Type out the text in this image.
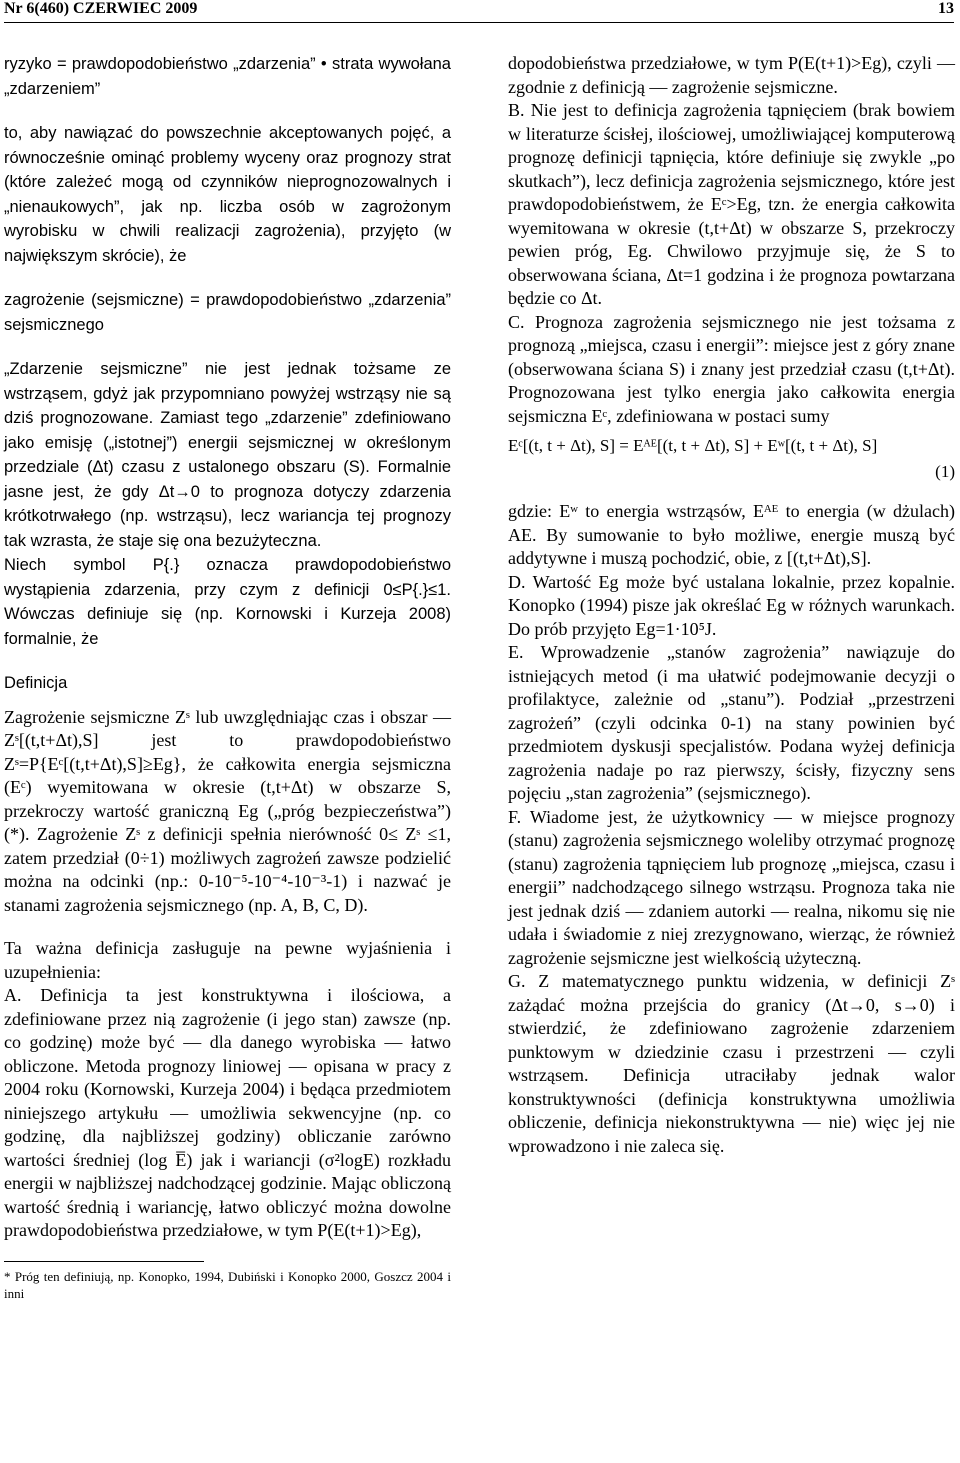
Nr 6(460) CZERWIEC 2009	13

ryzyko = prawdopodobieństwo „zdarzenia” • strata wywołana „zdarzeniem”

to, aby nawiązać do powszechnie akceptowanych pojęć, a równocześnie ominąć problemy wyceny oraz prognozy strat (które zależeć mogą od czynników nieprognozowalnych i „nienaukowych”, jak np. liczba osób w zagrożonym wyrobisku w chwili realizacji zagrożenia), przyjęto (w największym skrócie), że

zagrożenie (sejsmiczne) = prawdopodobieństwo „zdarzenia” sejsmicznego

„Zdarzenie sejsmiczne” nie jest jednak tożsame ze wstrząsem, gdyż jak przypomniano powyżej wstrząsy nie są dziś prognozowane. Zamiast tego „zdarzenie” zdefiniowano jako emisję („istotnej”) energii sejsmicznej w określonym przedziale (Δt) czasu z ustalonego obszaru (S). Formalnie jasne jest, że gdy Δt→0 to prognoza dotyczy zdarzenia krótkotrwałego (np. wstrząsu), lecz wariancja tej prognozy tak wzrasta, że staje się ona bezużyteczna.

Niech symbol P{.} oznacza prawdopodobieństwo wystąpienia zdarzenia, przy czym z definicji 0≤P{.}≤1. Wówczas definiuje się (np. Kornowski i Kurzeja 2008) formalnie, że

Definicja

Zagrożenie sejsmiczne Zˢ lub uwzględniając czas i obszar — Zˢ[(t,t+Δt),S] jest to prawdopodobieństwo Zˢ=P{Eᶜ[(t,t+Δt),S]≥Eg}, że całkowita energia sejsmiczna (Eᶜ) wyemitowana w okresie (t,t+Δt) w obszarze S, przekroczy wartość graniczną Eg („próg bezpieczeństwa”) (*). Zagrożenie Zˢ z definicji spełnia nierówność 0≤ Zˢ ≤1, zatem przedział (0÷1) możliwych zagrożeń zawsze podzielić można na odcinki (np.: 0-10⁻⁵-10⁻⁴-10⁻³-1) i nazwać je stanami zagrożenia sejsmicznego (np. A, B, C, D).

Ta ważna definicja zasługuje na pewne wyjaśnienia i uzupełnienia:

A. Definicja ta jest konstruktywna i ilościowa, a zdefiniowane przez nią zagrożenie (i jego stan) zawsze (np. co godzinę) może być — dla danego wyrobiska — łatwo obliczone. Metoda prognozy liniowej — opisana w pracy z 2004 roku (Kornowski, Kurzeja 2004) i będąca przedmiotem niniejszego artykułu — umożliwia sekwencyjne (np. co godzinę, dla najbliższej godziny) obliczanie zarówno wartości średniej (log E̅) jak i wariancji (σ²logE) rozkładu energii w najbliższej nadchodzącej godzinie. Mając obliczoną wartość średnią i wariancję, łatwo obliczyć można dowolne prawdopodobieństwa przedziałowe, w tym P(E(t+1)>Eg),

* Próg ten definiują, np. Konopko, 1994, Dubiński i Konopko 2000, Goszcz 2004 i inni

dopodobieństwa przedziałowe, w tym P(E(t+1)>Eg), czyli — zgodnie z definicją — zagrożenie sejsmiczne.

B. Nie jest to definicja zagrożenia tąpnięciem (brak bowiem w literaturze ścisłej, ilościowej, umożliwiającej komputerową prognozę definicji tąpnięcia, które definiuje się zwykle „po skutkach”), lecz definicja zagrożenia sejsmicznego, które jest prawdopodobieństwem, że Eᶜ>Eg, tzn. że energia całkowita wyemitowana w okresie (t,t+Δt) w obszarze S, przekroczy pewien próg, Eg. Chwilowo przyjmuje się, że S to obserwowana ściana, Δt=1 godzina i że prognoza powtarzana będzie co Δt.

C. Prognoza zagrożenia sejsmicznego nie jest tożsama z prognozą „miejsca, czasu i energii”: miejsce jest z góry znane (obserwowana ściana S) i znany jest przedział czasu (t,t+Δt). Prognozowana jest tylko energia jako całkowita energia sejsmiczna Eᶜ, zdefiniowana w postaci sumy

Eᶜ[(t, t + Δt), S] = Eᴬᴱ[(t, t + Δt), S] + Eʷ[(t, t + Δt), S]
(1)

gdzie: Eʷ to energia wstrząsów, Eᴬᴱ to energia (w dżulach) AE. By sumowanie to było możliwe, energie muszą być addytywne i muszą pochodzić, obie, z [(t,t+Δt),S].

D. Wartość Eg może być ustalana lokalnie, przez kopalnie. Konopko (1994) pisze jak określać Eg w różnych warunkach. Do prób przyjęto Eg=1·10⁵J.

E. Wprowadzenie „stanów zagrożenia” nawiązuje do istniejących metod (i ma ułatwić podejmowanie decyzji o profilaktyce, zależnie od „stanu”). Podział „przestrzeni zagrożeń” (czyli odcinka 0-1) na stany powinien być przedmiotem dyskusji specjalistów. Podana wyżej definicja zagrożenia nadaje po raz pierwszy, ścisły, fizyczny sens pojęciu „stan zagrożenia” (sejsmicznego).

F. Wiadome jest, że użytkownicy — w miejsce prognozy (stanu) zagrożenia sejsmicznego woleliby otrzymać prognozę (stanu) zagrożenia tąpnięciem lub prognozę „miejsca, czasu i energii” nadchodzącego silnego wstrząsu. Prognoza taka nie jest jednak dziś — zdaniem autorki — realna, nikomu się nie udała i świadomie z niej zrezygnowano, wierząc, że również zagrożenie sejsmiczne jest wielkością użyteczną.

G. Z matematycznego punktu widzenia, w definicji Zˢ zażądać można przejścia do granicy (Δt→0, s→0) i stwierdzić, że zdefiniowano zagrożenie zdarzeniem punktowym w dziedzinie czasu i przestrzeni — czyli wstrząsem. Definicja utraciłaby jednak walor konstruktywności (definicja konstruktywna umożliwia obliczenie, definicja niekonstruktywna — nie) więc jej nie wprowadzono i nie zaleca się.
